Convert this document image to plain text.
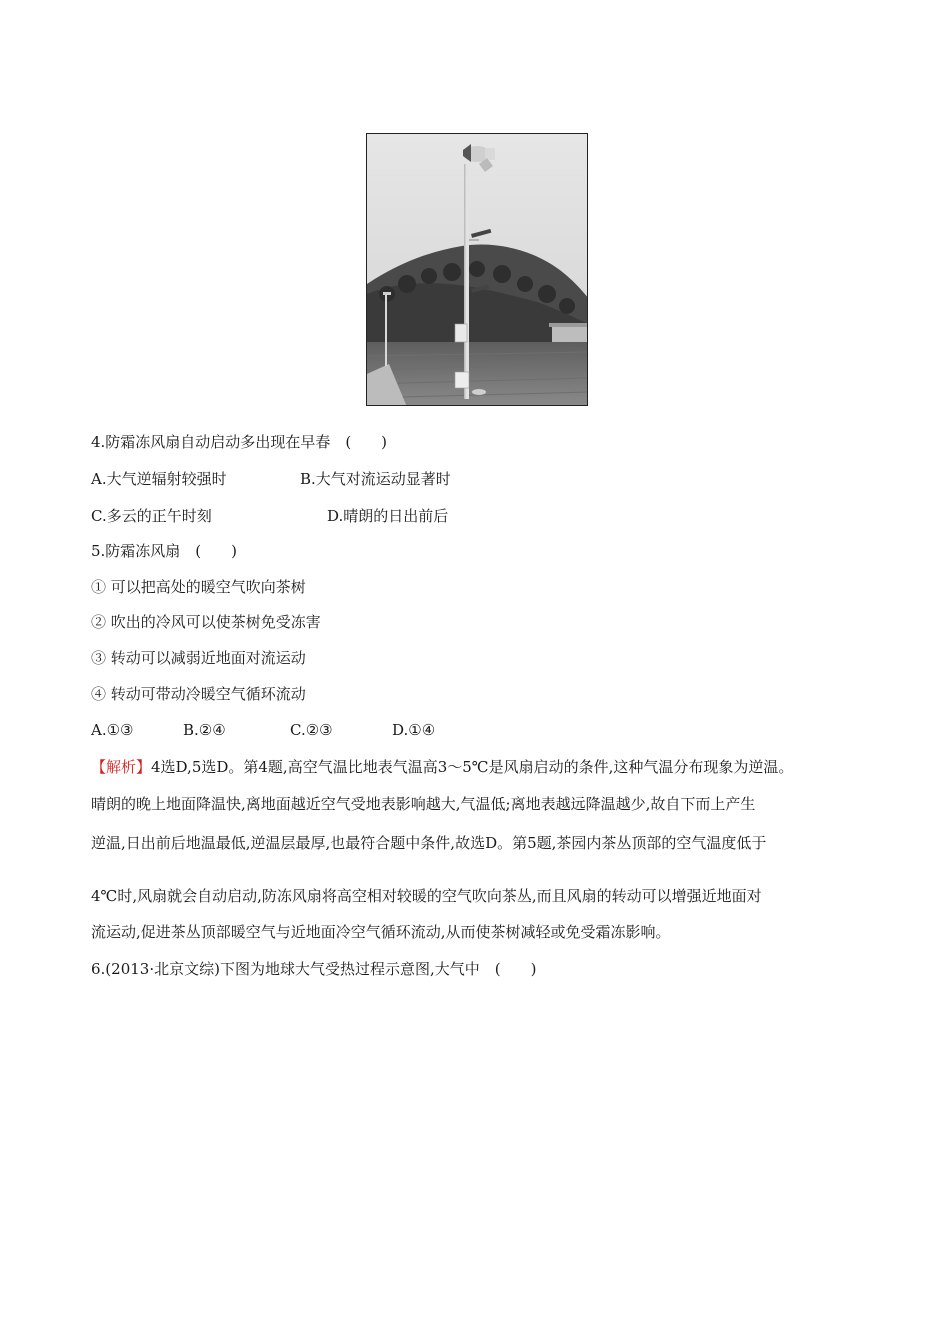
4.防霜冻风扇自动启动多出现在早春　(　　)
A.大气逆辐射较强时	B.大气对流运动显著时
C.多云的正午时刻	D.晴朗的日出前后
5.防霜冻风扇　(　　)
① 可以把高处的暖空气吹向茶树
② 吹出的冷风可以使茶树免受冻害
③ 转动可以减弱近地面对流运动
④ 转动可带动冷暖空气循环流动
A.①③	B.②④	C.②③	D.①④
【解析】4选D,5选D。第4题,高空气温比地表气温高3～5℃是风扇启动的条件,这种气温分布现象为逆温。
晴朗的晚上地面降温快,离地面越近空气受地表影响越大,气温低;离地表越远降温越少,故自下而上产生
逆温,日出前后地温最低,逆温层最厚,也最符合题中条件,故选D。第5题,茶园内茶丛顶部的空气温度低于
4℃时,风扇就会自动启动,防冻风扇将高空相对较暖的空气吹向茶丛,而且风扇的转动可以增强近地面对
流运动,促进茶丛顶部暖空气与近地面冷空气循环流动,从而使茶树减轻或免受霜冻影响。
6.(2013·北京文综)下图为地球大气受热过程示意图,大气中　(　　)
